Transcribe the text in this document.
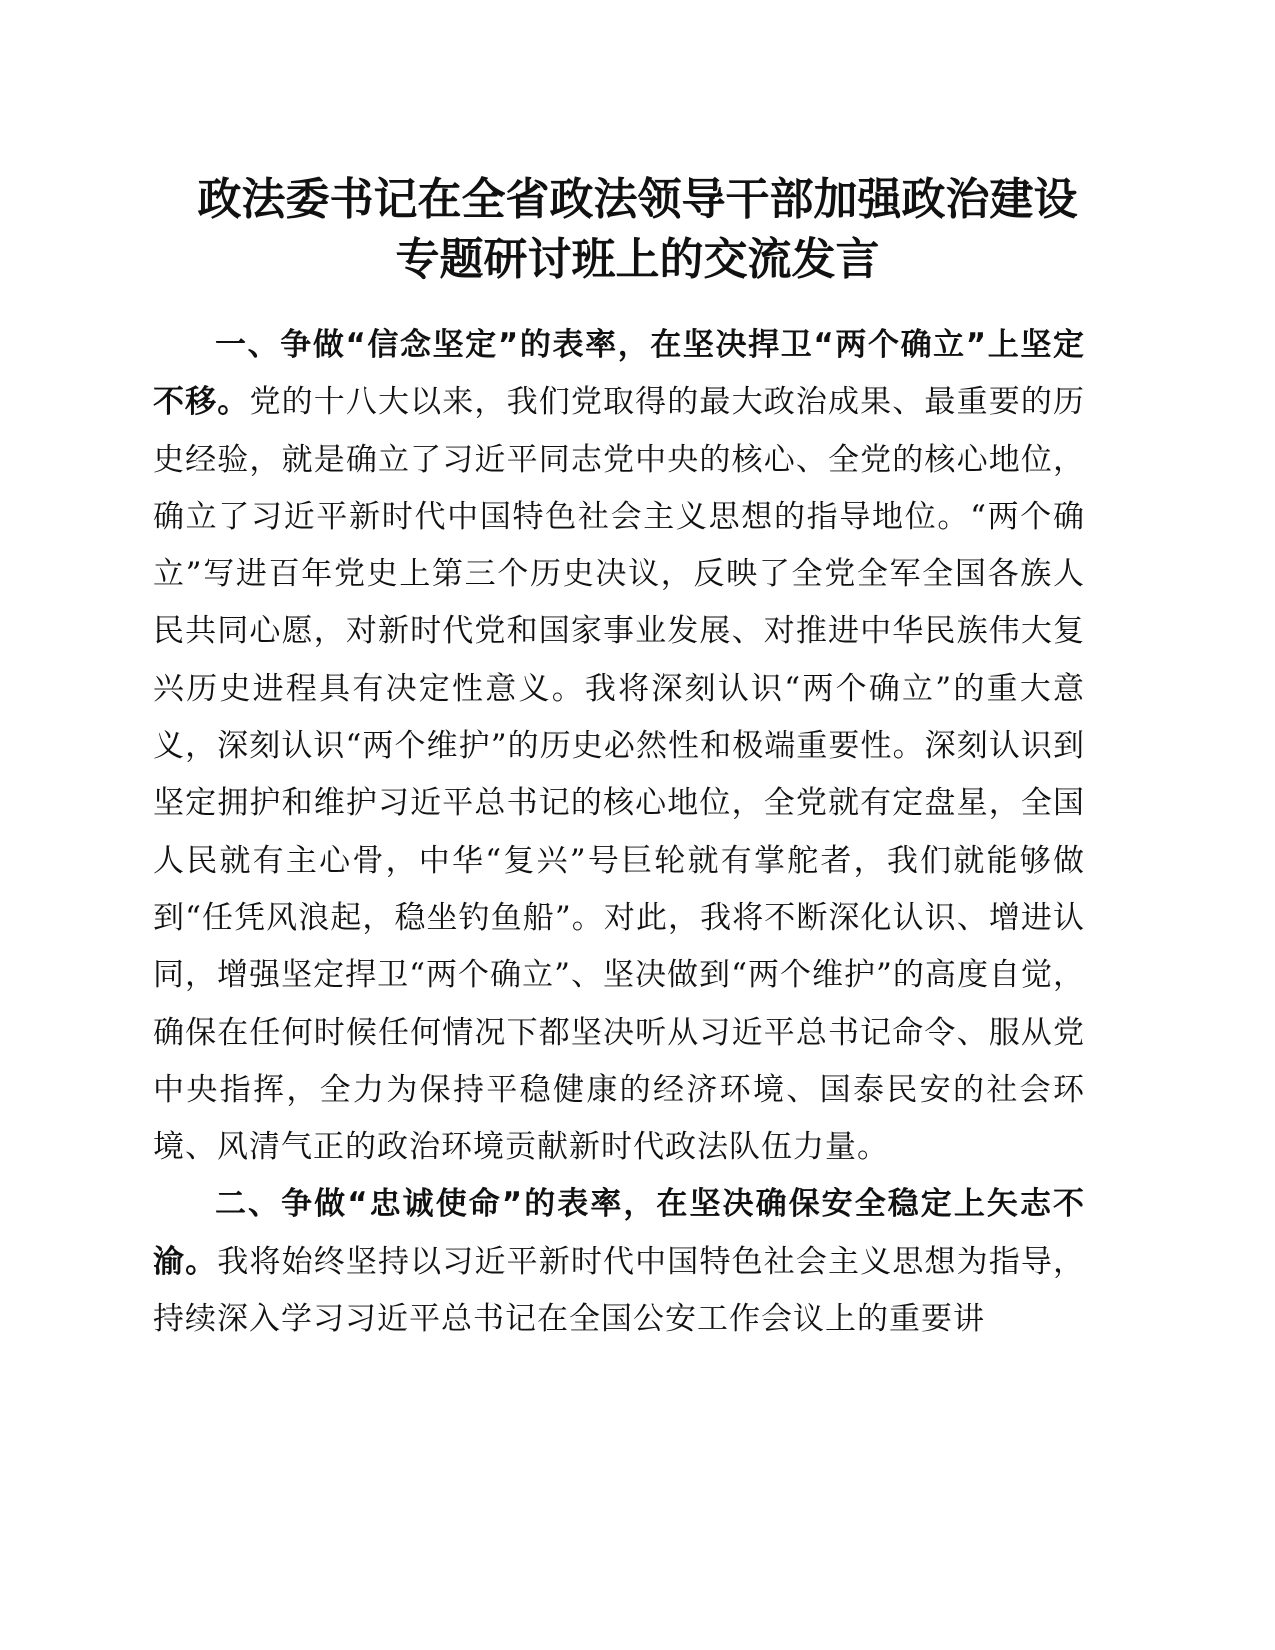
政法委书记在全省政法领导干部加强政治建设
专题研讨班上的交流发言

一、争做“信念坚定”的表率，在坚决捍卫“两个确立”上坚定不移。党的十八大以来，我们党取得的最大政治成果、最重要的历史经验，就是确立了习近平同志党中央的核心、全党的核心地位，确立了习近平新时代中国特色社会主义思想的指导地位。“两个确立”写进百年党史上第三个历史决议，反映了全党全军全国各族人民共同心愿，对新时代党和国家事业发展、对推进中华民族伟大复兴历史进程具有决定性意义。我将深刻认识“两个确立”的重大意义，深刻认识“两个维护”的历史必然性和极端重要性。深刻认识到坚定拥护和维护习近平总书记的核心地位，全党就有定盘星，全国人民就有主心骨，中华“复兴”号巨轮就有掌舵者，我们就能够做到“任凭风浪起，稳坐钓鱼船”。对此，我将不断深化认识、增进认同，增强坚定捍卫“两个确立”、坚决做到“两个维护”的高度自觉，确保在任何时候任何情况下都坚决听从习近平总书记命令、服从党中央指挥，全力为保持平稳健康的经济环境、国泰民安的社会环境、风清气正的政治环境贡献新时代政法队伍力量。

二、争做“忠诚使命”的表率，在坚决确保安全稳定上矢志不渝。我将始终坚持以习近平新时代中国特色社会主义思想为指导，持续深入学习习近平总书记在全国公安工作会议上的重要讲
